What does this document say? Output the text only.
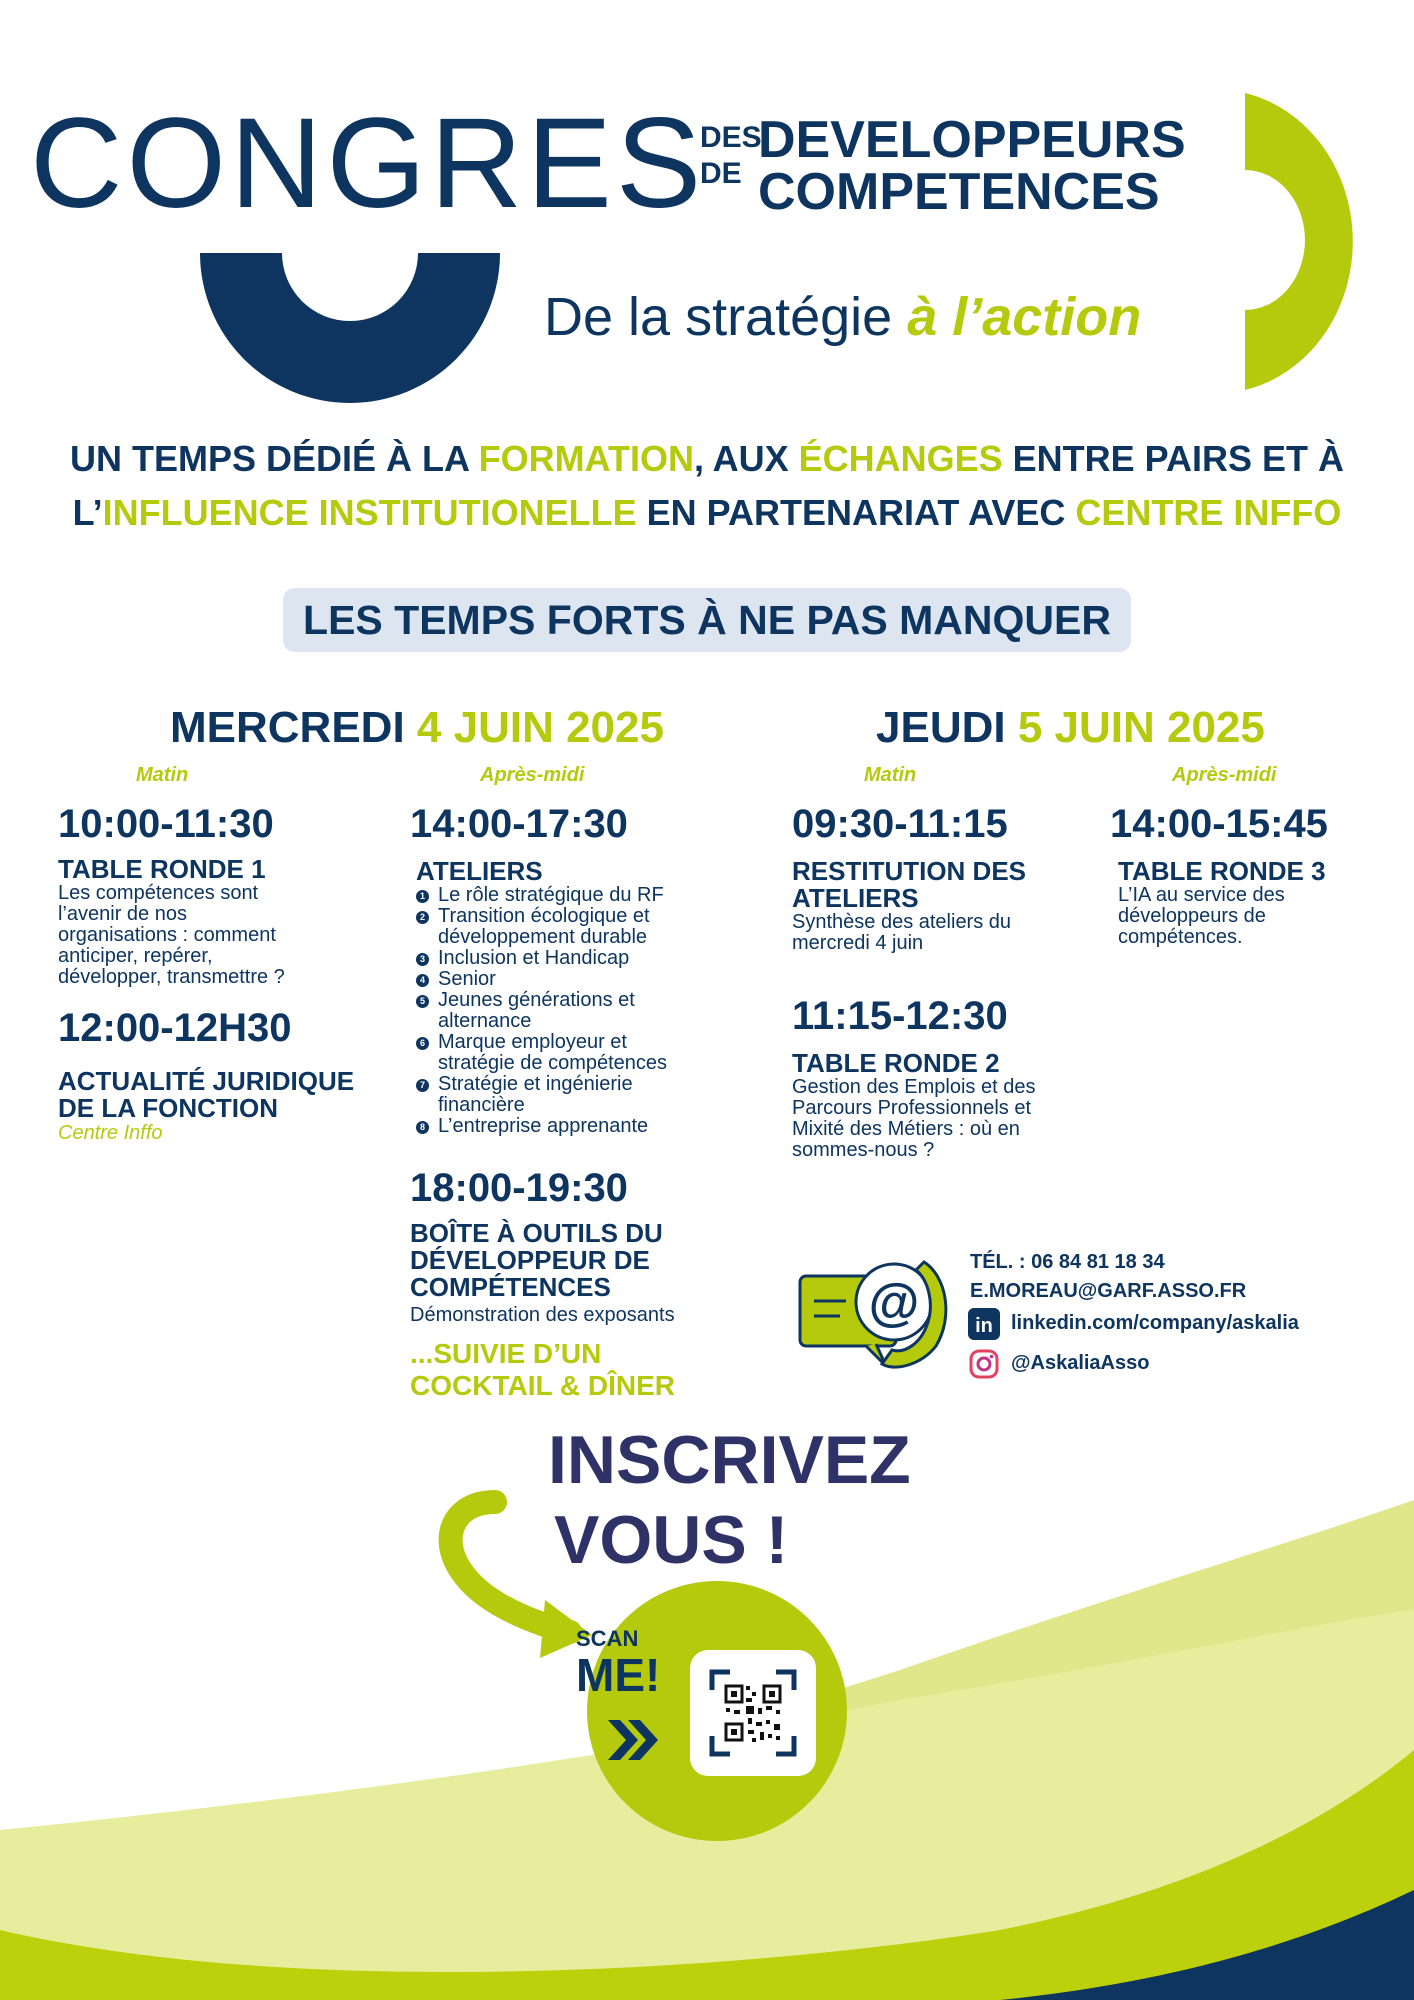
CONGRES
DES
DE
DEVELOPPEURS
COMPETENCES
De la stratégie à l’action
UN TEMPS DÉDIÉ À LA FORMATION, AUX ÉCHANGES ENTRE PAIRS ET À
L’INFLUENCE INSTITUTIONELLE EN PARTENARIAT AVEC CENTRE INFFO
LES TEMPS FORTS À NE PAS MANQUER
MERCREDI 4 JUIN 2025
Matin	Après-midi
10:00-11:30
TABLE RONDE 1
Les compétences sont
l’avenir de nos
organisations : comment
anticiper, repérer,
développer, transmettre ?
12:00-12H30
ACTUALITÉ JURIDIQUE
DE LA FONCTION
Centre Inffo
14:00-17:30
ATELIERS
1 Le rôle stratégique du RF
2 Transition écologique et
développement durable
3 Inclusion et Handicap
4 Senior
5 Jeunes générations et
alternance
6 Marque employeur et
stratégie de compétences
7 Stratégie et ingénierie
financière
8 L’entreprise apprenante
18:00-19:30
BOÎTE À OUTILS DU
DÉVELOPPEUR DE
COMPÉTENCES
Démonstration des exposants
...SUIVIE D’UN
COCKTAIL & DÎNER
JEUDI 5 JUIN 2025
Matin	Après-midi
09:30-11:15
RESTITUTION DES
ATELIERS
Synthèse des ateliers du
mercredi 4 juin
11:15-12:30
TABLE RONDE 2
Gestion des Emplois et des
Parcours Professionnels et
Mixité des Métiers : où en
sommes-nous ?
14:00-15:45
TABLE RONDE 3
L’IA au service des
développeurs de
compétences.
@
TÉL. : 06 84 81 18 34
E.MOREAU@GARF.ASSO.FR
in linkedin.com/company/askalia
@AskaliaAsso
INSCRIVEZ
VOUS !
SCAN
ME!
